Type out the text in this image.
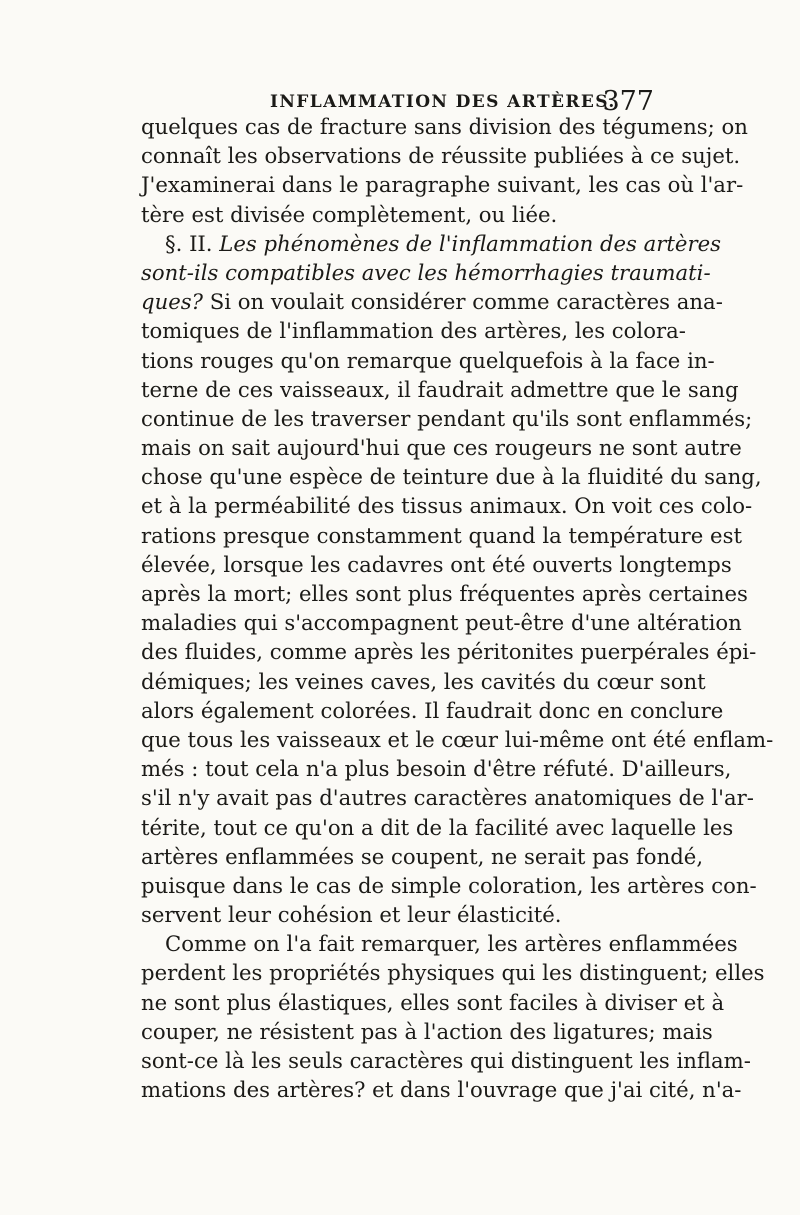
INFLAMMATION DES ARTÈRES.
377
quelques cas de fracture sans division des tégumens; on
connaît les observations de réussite publiées à ce sujet.
J'examinerai dans le paragraphe suivant, les cas où l'ar-
tère est divisée complètement, ou liée.
§. II. Les phénomènes de l'inflammation des artères
sont-ils compatibles avec les hémorrhagies traumati-
ques? Si on voulait considérer comme caractères ana-
tomiques de l'inflammation des artères, les colora-
tions rouges qu'on remarque quelquefois à la face in-
terne de ces vaisseaux, il faudrait admettre que le sang
continue de les traverser pendant qu'ils sont enflammés;
mais on sait aujourd'hui que ces rougeurs ne sont autre
chose qu'une espèce de teinture due à la fluidité du sang,
et à la perméabilité des tissus animaux. On voit ces colo-
rations presque constamment quand la température est
élevée, lorsque les cadavres ont été ouverts longtemps
après la mort; elles sont plus fréquentes après certaines
maladies qui s'accompagnent peut-être d'une altération
des fluides, comme après les péritonites puerpérales épi-
démiques; les veines caves, les cavités du cœur sont
alors également colorées. Il faudrait donc en conclure
que tous les vaisseaux et le cœur lui-même ont été enflam-
més : tout cela n'a plus besoin d'être réfuté. D'ailleurs,
s'il n'y avait pas d'autres caractères anatomiques de l'ar-
térite, tout ce qu'on a dit de la facilité avec laquelle les
artères enflammées se coupent, ne serait pas fondé,
puisque dans le cas de simple coloration, les artères con-
servent leur cohésion et leur élasticité.
Comme on l'a fait remarquer, les artères enflammées
perdent les propriétés physiques qui les distinguent; elles
ne sont plus élastiques, elles sont faciles à diviser et à
couper, ne résistent pas à l'action des ligatures; mais
sont-ce là les seuls caractères qui distinguent les inflam-
mations des artères? et dans l'ouvrage que j'ai cité, n'a-
